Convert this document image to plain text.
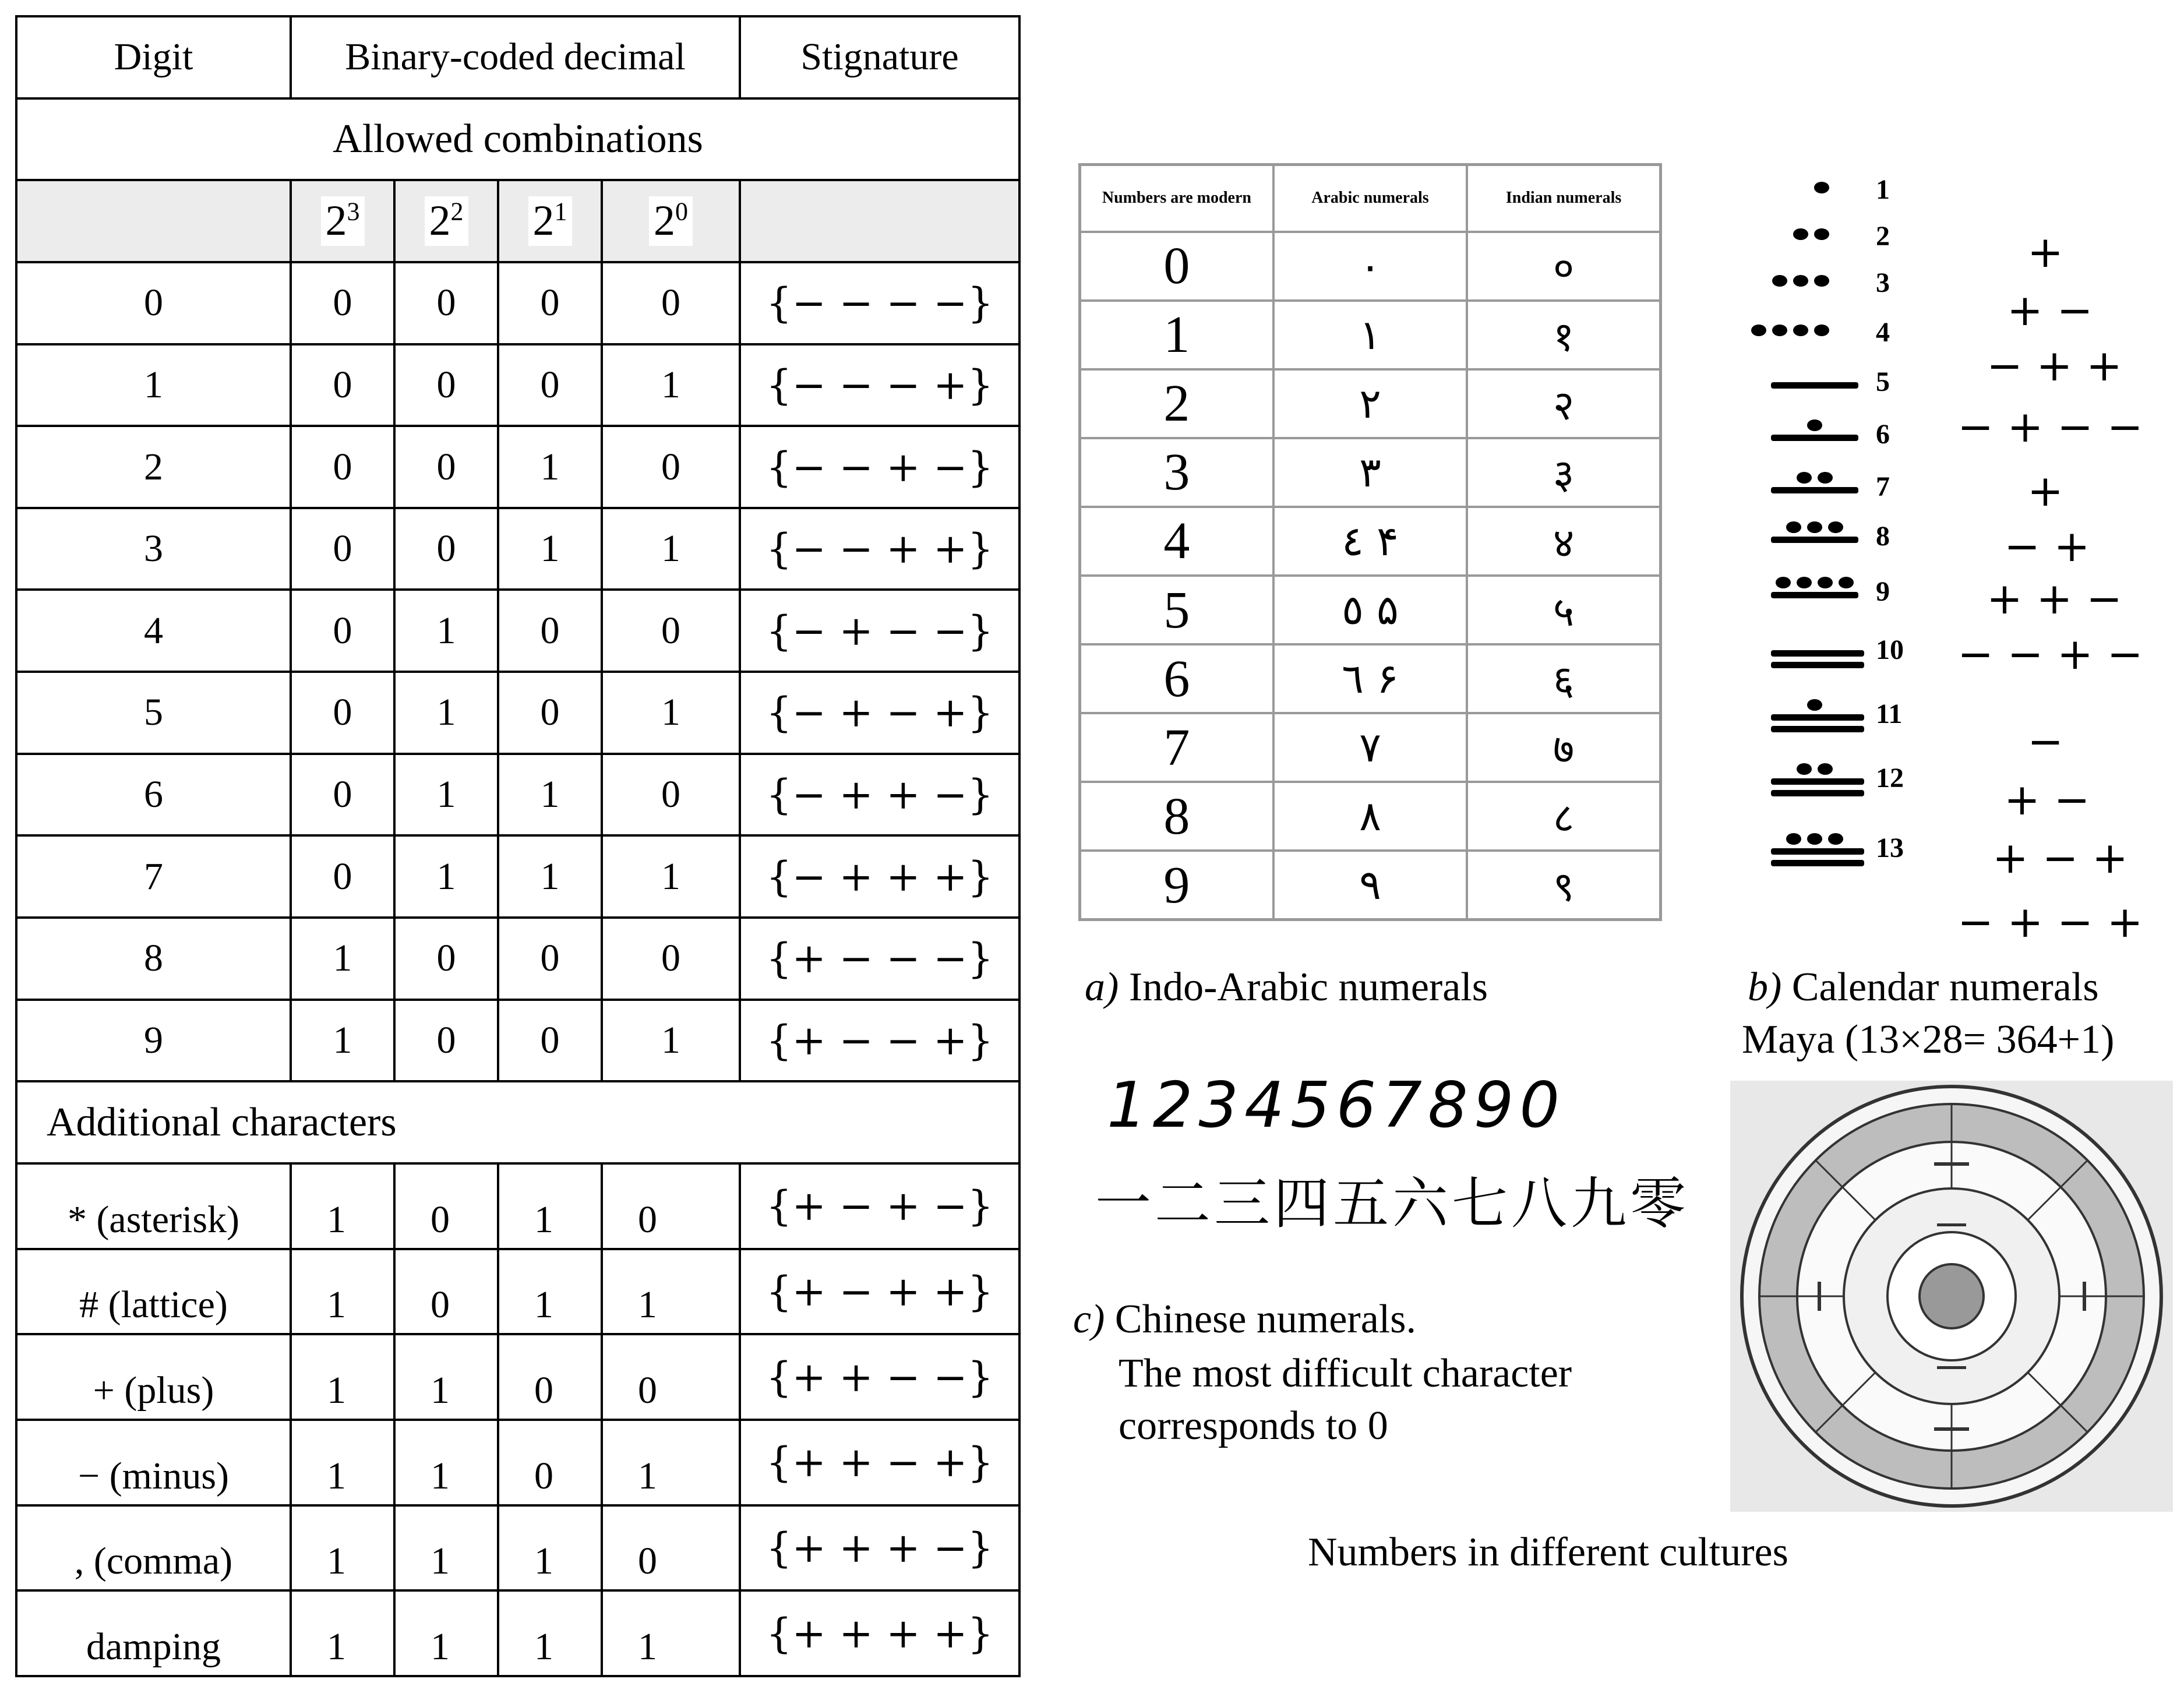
Digit	Binary-coded decimal				Stignature
Allowed combinations					
	$2^3$	$2^2$	$2^1$	$2^0$	
0	0	0	0	0	{− − − −}
1	0	0	0	1	{− − − +}
2	0	0	1	0	{− − + −}
3	0	0	1	1	{− − + +}
4	0	1	0	0	{− + − −}
5	0	1	0	1	{− + − +}
6	0	1	1	0	{− + + −}
7	0	1	1	1	{− + + +}
8	1	0	0	0	{+ − − −}
9	1	0	0	1	{+ − − +}
Additional characters					
* (asterisk)	1	0	1	0	{+ − + −}
# (lattice)	1	0	1	1	{+ − + +}
+ (plus)	1	1	0	0	{+ + − −}
− (minus)	1	1	0	1	{+ + − +}
, (comma)	1	1	1	0	{+ + + −}
damping	1	1	1	1	{+ + + +}
Numbers are modern	Arabic numerals	Indian numerals
0	٠	०
1	١	१
2	٢	२
3	٣	३
4	٤ ۴	४
5	٥ ۵	५
6	٦ ۶	६
7	٧	७
8	٨	८
9	٩	९
a) Indo-Arabic numerals
1
2
3
4
5
6
7
8
9
10
11
12
13
+
+ −
− + +
− + − −
+
− +
+ + −
− − + −
−
+ −
+ − +
− + − +
b) Calendar numerals
Maya (13×28= 364+1)
1234567890
一二三四五六七八九零
c) Chinese numerals.
The most difficult character
corresponds to 0
Numbers in different cultures
